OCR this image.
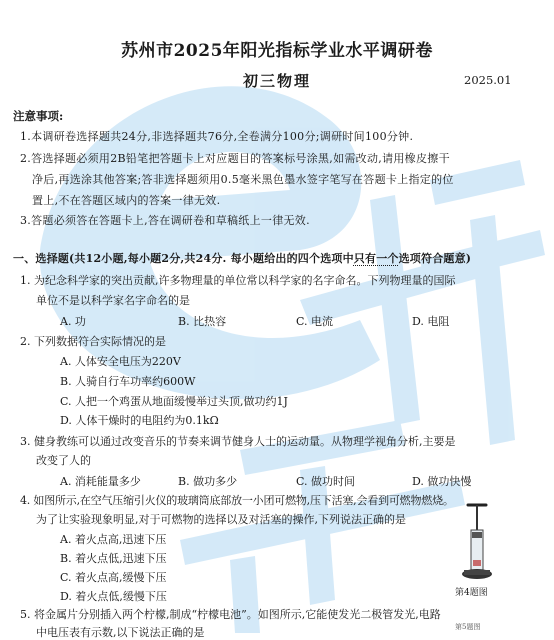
苏州市2025年阳光指标学业水平调研卷
初三物理	2025.01
注意事项:
1.本调研卷选择题共24分,非选择题共76分,全卷满分100分;调研时间100分钟.
2.答选择题必须用2B铅笔把答题卡上对应题目的答案标号涂黑,如需改动,请用橡皮擦干
净后,再选涂其他答案;答非选择题须用0.5毫米黑色墨水签字笔写在答题卡上指定的位
置上,不在答题区域内的答案一律无效.
3.答题必须答在答题卡上,答在调研卷和草稿纸上一律无效.
一、选择题(共12小题,每小题2分,共24分. 每小题给出的四个选项中只有一个选项符合题意)
1. 为纪念科学家的突出贡献,许多物理量的单位常以科学家的名字命名。下列物理量的国际
单位不是以科学家名字命名的是
A. 功	B. 比热容	C. 电流	D. 电阻
2. 下列数据符合实际情况的是
A. 人体安全电压为220V
B. 人骑自行车功率约600W
C. 人把一个鸡蛋从地面缓慢举过头顶,做功约1J
D. 人体干燥时的电阻约为0.1kΩ
3. 健身教练可以通过改变音乐的节奏来调节健身人士的运动量。从物理学视角分析,主要是
改变了人的
A. 消耗能量多少	B. 做功多少	C. 做功时间	D. 做功快慢
4. 如图所示,在空气压缩引火仪的玻璃筒底部放一小团可燃物,压下活塞,会看到可燃物燃烧。
为了让实验现象明显,对于可燃物的选择以及对活塞的操作,下列说法正确的是
A. 着火点高,迅速下压
B. 着火点低,迅速下压
C. 着火点高,缓慢下压
D. 着火点低,缓慢下压	第4题图
5. 将金属片分别插入两个柠檬,制成“柠檬电池”。如图所示,它能使发光二极管发光,电路
中电压表有示数,以下说法正确的是	第5题图
